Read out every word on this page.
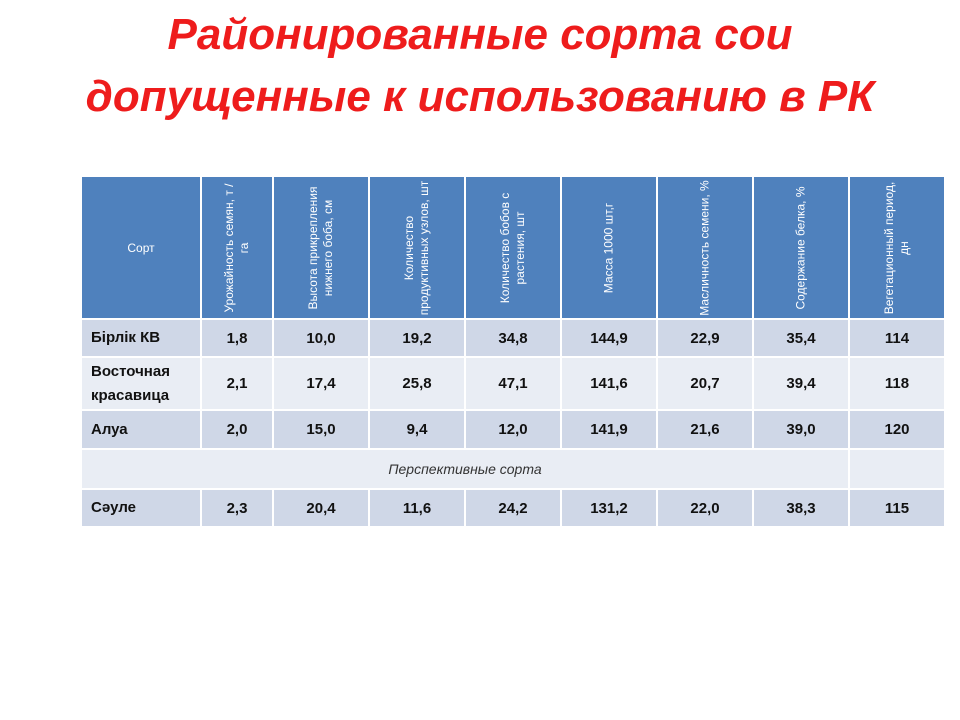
Районированные сорта сои
допущенные к использованию в РК
Сорт	Урожайность семян, т /га	Высота прикрепления нижнего боба, см	Количество продуктивных узлов, шт	Количество бобов с растения, шт	Масса 1000 шт,г	Масличность семени, %	Содержание белка, %	Вегетационный период, дн

Бірлік КВ	1,8	10,0	19,2	34,8	144,9	22,9	35,4	114
Восточная красавица	2,1	17,4	25,8	47,1	141,6	20,7	39,4	118
Алуа	2,0	15,0	9,4	12,0	141,9	21,6	39,0	120
Перспективные сорта								
Сәуле	2,3	20,4	11,6	24,2	131,2	22,0	38,3	115
